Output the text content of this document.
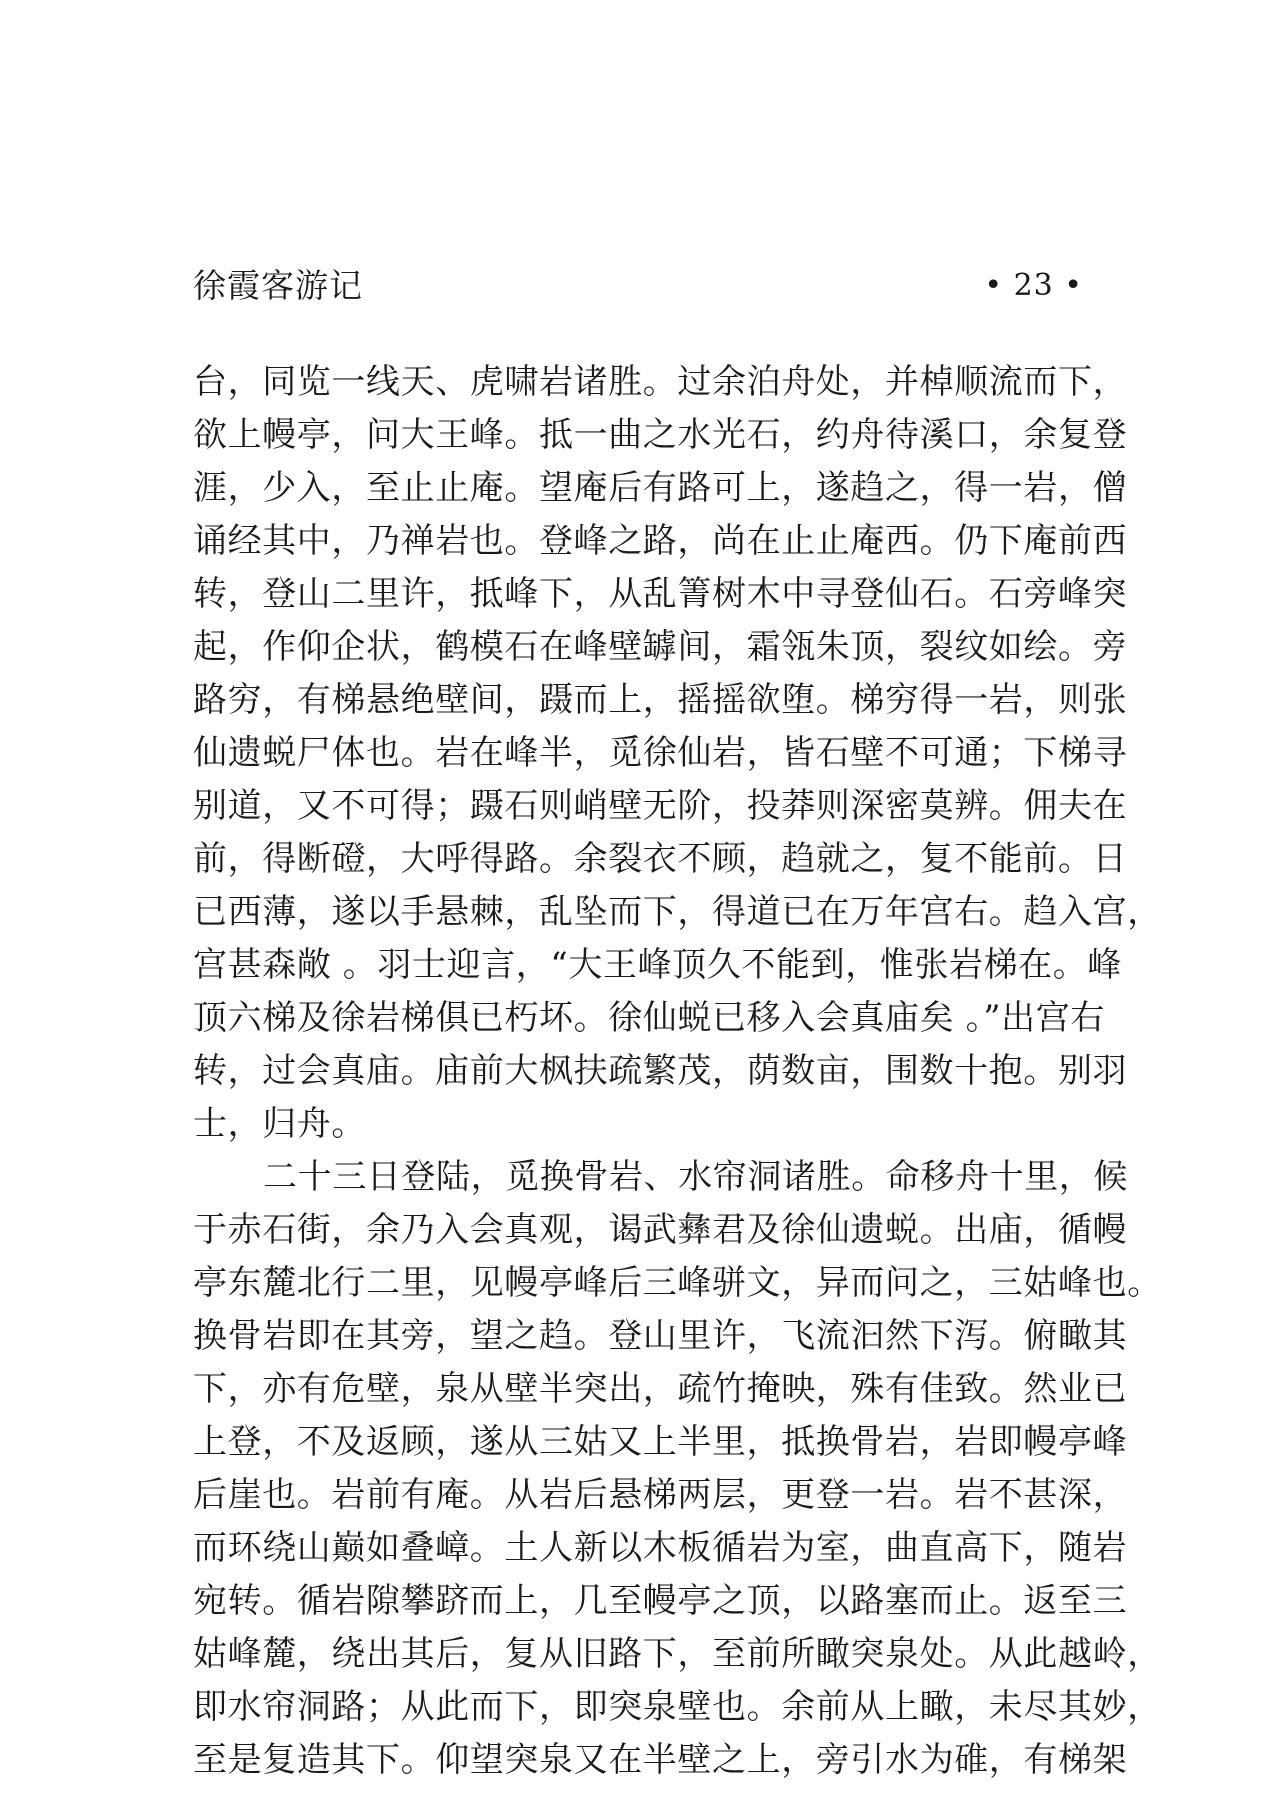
徐霞客游记	• 23 •
台，同览一线天、虎啸岩诸胜。过余泊舟处，并棹顺流而下，
欲上幔亭，问大王峰。抵一曲之水光石，约舟待溪口，余复登
涯，少入，至止止庵。望庵后有路可上，遂趋之，得一岩，僧
诵经其中，乃禅岩也。登峰之路，尚在止止庵西。仍下庵前西
转，登山二里许，抵峰下，从乱箐树木中寻登仙石。石旁峰突
起，作仰企状，鹤模石在峰壁罅间，霜瓴朱顶，裂纹如绘。旁
路穷，有梯悬绝壁间，蹑而上，摇摇欲堕。梯穷得一岩，则张
仙遗蜕尸体也。岩在峰半，觅徐仙岩，皆石壁不可通；下梯寻
别道，又不可得；蹑石则峭壁无阶，投莽则深密莫辨。佣夫在
前，得断磴，大呼得路。余裂衣不顾，趋就之，复不能前。日
已西薄，遂以手悬棘，乱坠而下，得道已在万年宫右。趋入宫，
宫甚森敞 。羽士迎言，“大王峰顶久不能到，惟张岩梯在。峰
顶六梯及徐岩梯俱已朽坏。徐仙蜕已移入会真庙矣 。”出宫右
转，过会真庙。庙前大枫扶疏繁茂，荫数亩，围数十抱。别羽
士，归舟。
二十三日登陆，觅换骨岩、水帘洞诸胜。命移舟十里，候
于赤石街，余乃入会真观，谒武彝君及徐仙遗蜕。出庙，循幔
亭东麓北行二里，见幔亭峰后三峰骈文，异而问之，三姑峰也。
换骨岩即在其旁，望之趋。登山里许，飞流汩然下泻。俯瞰其
下，亦有危壁，泉从壁半突出，疏竹掩映，殊有佳致。然业已
上登，不及返顾，遂从三姑又上半里，抵换骨岩，岩即幔亭峰
后崖也。岩前有庵。从岩后悬梯两层，更登一岩。岩不甚深，
而环绕山巅如叠嶂。土人新以木板循岩为室，曲直高下，随岩
宛转。循岩隙攀跻而上，几至幔亭之顶，以路塞而止。返至三
姑峰麓，绕出其后，复从旧路下，至前所瞰突泉处。从此越岭，
即水帘洞路；从此而下，即突泉壁也。余前从上瞰，未尽其妙，
至是复造其下。仰望突泉又在半壁之上，旁引水为碓，有梯架
